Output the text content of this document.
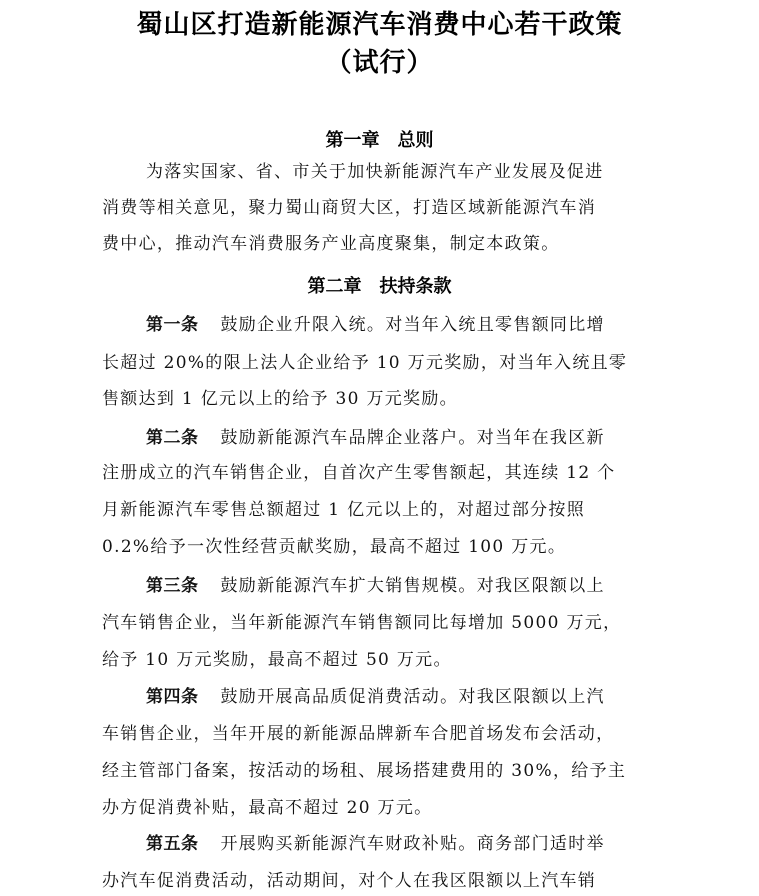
蜀山区打造新能源汽车消费中心若干政策
（试行）
第一章 总则
为落实国家、省、市关于加快新能源汽车产业发展及促进
消费等相关意见，聚力蜀山商贸大区，打造区域新能源汽车消
费中心，推动汽车消费服务产业高度聚集，制定本政策。
第二章 扶持条款
第一条 鼓励企业升限入统。对当年入统且零售额同比增
长超过 20%的限上法人企业给予 10 万元奖励，对当年入统且零
售额达到 1 亿元以上的给予 30 万元奖励。
第二条 鼓励新能源汽车品牌企业落户。对当年在我区新
注册成立的汽车销售企业，自首次产生零售额起，其连续 12 个
月新能源汽车零售总额超过 1 亿元以上的，对超过部分按照
0.2%给予一次性经营贡献奖励，最高不超过 100 万元。
第三条 鼓励新能源汽车扩大销售规模。对我区限额以上
汽车销售企业，当年新能源汽车销售额同比每增加 5000 万元，
给予 10 万元奖励，最高不超过 50 万元。
第四条 鼓励开展高品质促消费活动。对我区限额以上汽
车销售企业，当年开展的新能源品牌新车合肥首场发布会活动，
经主管部门备案，按活动的场租、展场搭建费用的 30%，给予主
办方促消费补贴，最高不超过 20 万元。
第五条 开展购买新能源汽车财政补贴。商务部门适时举
办汽车促消费活动，活动期间，对个人在我区限额以上汽车销
